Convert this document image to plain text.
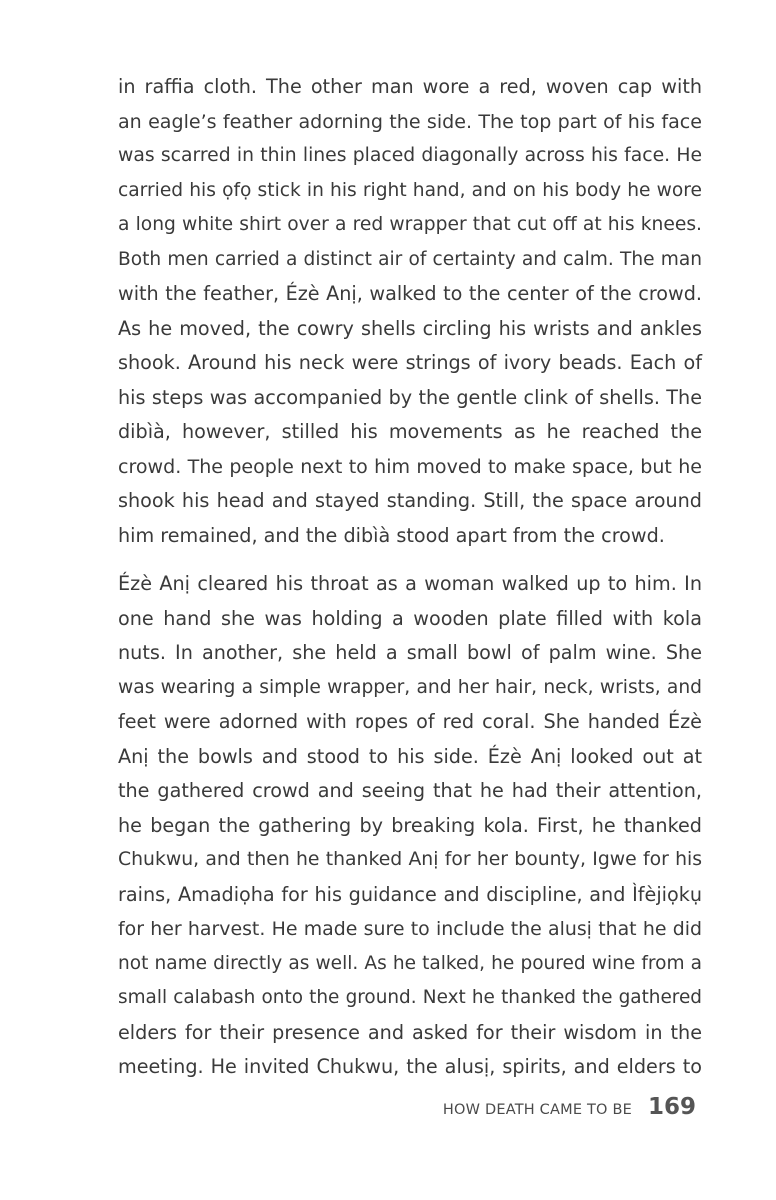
in raffia cloth. The other man wore a red, woven cap with
an eagle’s feather adorning the side. The top part of his face
was scarred in thin lines placed diagonally across his face. He
carried his ọfọ stick in his right hand, and on his body he wore
a long white shirt over a red wrapper that cut off at his knees.
Both men carried a distinct air of certainty and calm. The man
with the feather, Ézè Anị, walked to the center of the crowd.
As he moved, the cowry shells circling his wrists and ankles
shook. Around his neck were strings of ivory beads. Each of
his steps was accompanied by the gentle clink of shells. The
dibìà, however, stilled his movements as he reached the
crowd. The people next to him moved to make space, but he
shook his head and stayed standing. Still, the space around
him remained, and the dibìà stood apart from the crowd.

Ézè Anị cleared his throat as a woman walked up to him. In
one hand she was holding a wooden plate filled with kola
nuts. In another, she held a small bowl of palm wine. She
was wearing a simple wrapper, and her hair, neck, wrists, and
feet were adorned with ropes of red coral. She handed Ézè
Anị the bowls and stood to his side. Ézè Anị looked out at
the gathered crowd and seeing that he had their attention,
he began the gathering by breaking kola. First, he thanked
Chukwu, and then he thanked Anị for her bounty, Igwe for his
rains, Amadiọha for his guidance and discipline, and Ìfèjiọkụ
for her harvest. He made sure to include the alusị that he did
not name directly as well. As he talked, he poured wine from a
small calabash onto the ground. Next he thanked the gathered
elders for their presence and asked for their wisdom in the
meeting. He invited Chukwu, the alusị, spirits, and elders to

HOW DEATH CAME TO BE 169
